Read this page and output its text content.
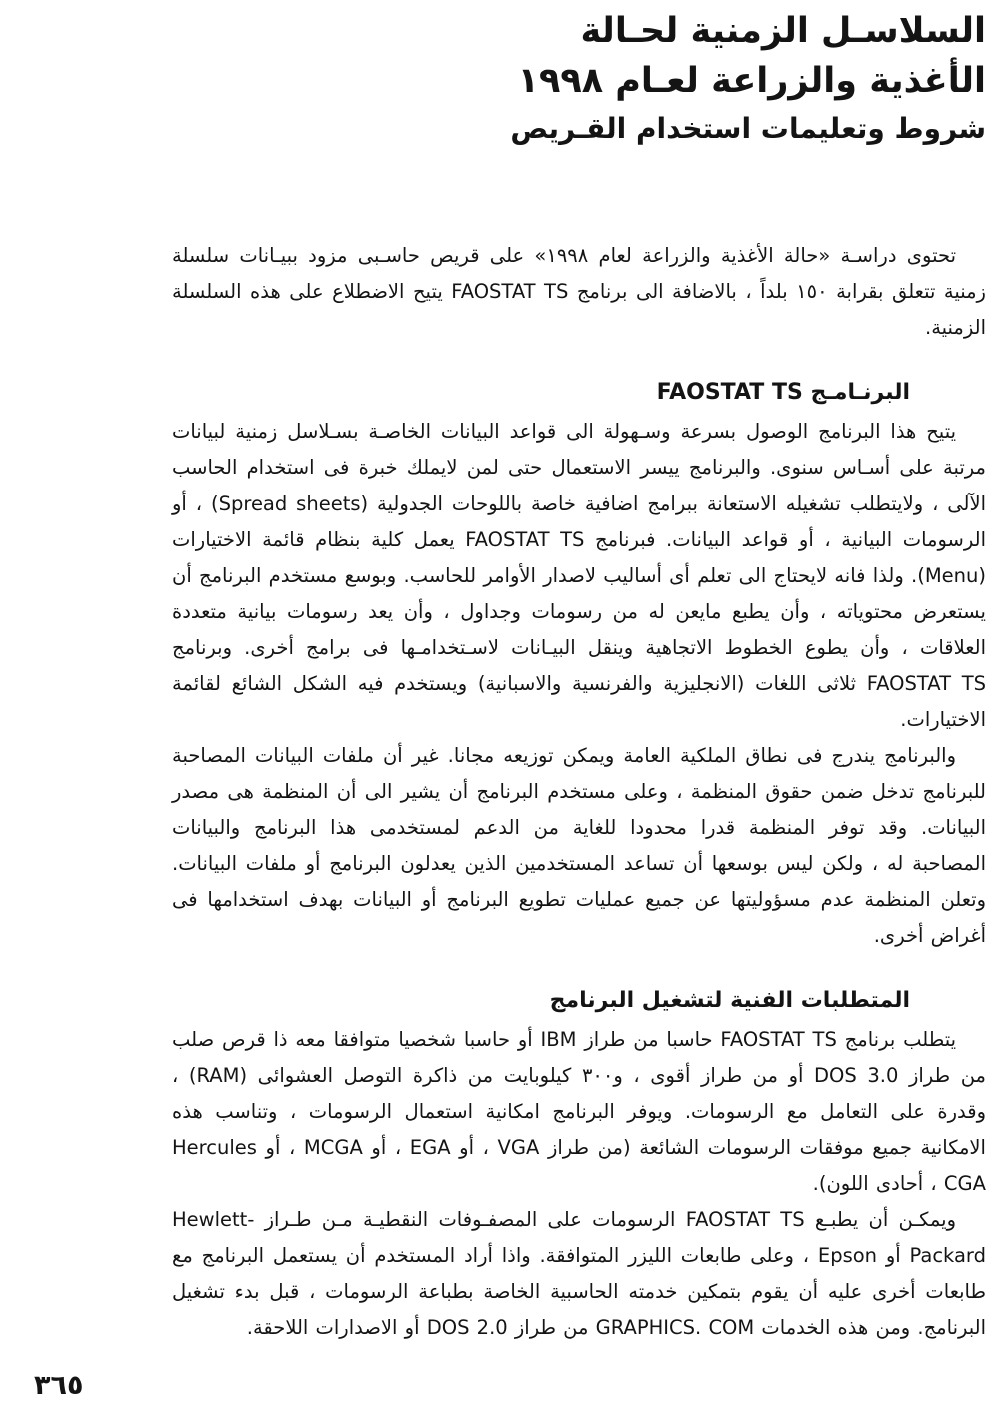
السلاسـل الزمنية لحـالة
الأغذية والزراعة لعـام ١٩٩٨
شروط وتعليمات استخدام القـريص

تحتوى دراسـة «حالة الأغذية والزراعة لعام ١٩٩٨» على قريص حاسـبى مزود ببيـانات سلسلة زمنية تتعلق بقرابة ١٥٠ بلداً ، بالاضافة الى برنامج FAOSTAT TS يتيح الاضطلاع على هذه السلسلة الزمنية.

البرنـامـج FAOSTAT TS

يتيح هذا البرنامج الوصول بسرعة وسـهولة الى قواعد البيانات الخاصـة بسـلاسل زمنية لبيانات مرتبة على أسـاس سنوى. والبرنامج ييسر الاستعمال حتى لمن لايملك خبرة فى استخدام الحاسب الآلى ، ولايتطلب تشغيله الاستعانة ببرامج اضافية خاصة باللوحات الجدولية (Spread sheets) ، أو الرسومات البيانية ، أو قواعد البيانات. فبرنامج FAOSTAT TS يعمل كلية بنظام قائمة الاختيارات (Menu). ولذا فانه لايحتاج الى تعلم أى أساليب لاصدار الأوامر للحاسب. وبوسع مستخدم البرنامج أن يستعرض محتوياته ، وأن يطبع مايعن له من رسومات وجداول ، وأن يعد رسومات بيانية متعددة العلاقات ، وأن يطوع الخطوط الاتجاهية وينقل البيـانات لاسـتخدامـها فى برامج أخرى. وبرنامج FAOSTAT TS ثلاثى اللغات (الانجليزية والفرنسية والاسبانية) ويستخدم فيه الشكل الشائع لقائمة الاختيارات.

والبرنامج يندرج فى نطاق الملكية العامة ويمكن توزيعه مجانا. غير أن ملفات البيانات المصاحبة للبرنامج تدخل ضمن حقوق المنظمة ، وعلى مستخدم البرنامج أن يشير الى أن المنظمة هى مصدر البيانات. وقد توفر المنظمة قدرا محدودا للغاية من الدعم لمستخدمى هذا البرنامج والبيانات المصاحبة له ، ولكن ليس بوسعها أن تساعد المستخدمين الذين يعدلون البرنامج أو ملفات البيانات. وتعلن المنظمة عدم مسؤوليتها عن جميع عمليات تطويع البرنامج أو البيانات بهدف استخدامها فى أغراض أخرى.

المتطلبات الفنية لتشغيل البرنامج

يتطلب برنامج FAOSTAT TS حاسبا من طراز IBM أو حاسبا شخصيا متوافقا معه ذا قرص صلب من طراز DOS 3.0 أو من طراز أقوى ، و٣٠٠ كيلوبايت من ذاكرة التوصل العشوائى (RAM) ، وقدرة على التعامل مع الرسومات. ويوفر البرنامج امكانية استعمال الرسومات ، وتناسب هذه الامكانية جميع موفقات الرسومات الشائعة (من طراز VGA ، أو EGA ، أو MCGA ، أو Hercules CGA ، أحادى اللون).

ويمكـن أن يطبـع FAOSTAT TS الرسومات على المصفـوفات النقطيـة مـن طـراز Hewlett- Packard أو Epson ، وعلى طابعات الليزر المتوافقة. واذا أراد المستخدم أن يستعمل البرنامج مع طابعات أخرى عليه أن يقوم بتمكين خدمته الحاسبية الخاصة بطباعة الرسومات ، قبل بدء تشغيل البرنامج. ومن هذه الخدمات GRAPHICS. COM من طراز DOS 2.0 أو الاصدارات اللاحقة.

٣٦٥
